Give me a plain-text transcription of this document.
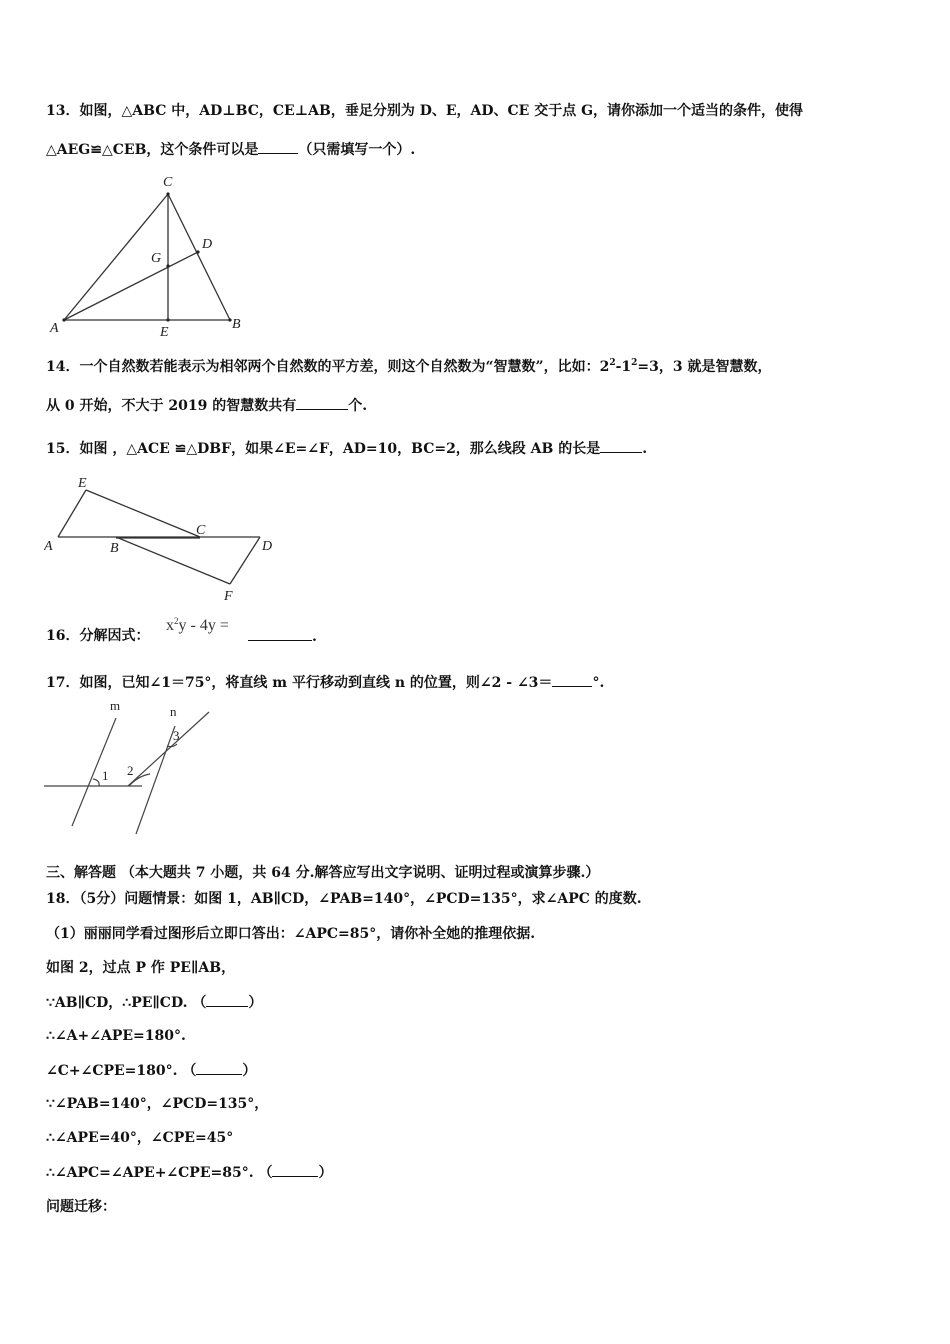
13．如图，△ABC 中，AD⊥BC，CE⊥AB，垂足分别为 D、E，AD、CE 交于点 G，请你添加一个适当的条件，使得
△AEG≌△CEB，这个条件可以是	（只需填写一个）.
C
D
G
A	E
B
14．一个自然数若能表示为相邻两个自然数的平方差，则这个自然数为“智慧数”，比如：$2^2-1^2=3$，3 就是智慧数，
从 0 开始，不大于 2019 的智慧数共有	个.
15．如图 ，△ACE ≌△DBF，如果∠E=∠F，AD=10，BC=2，那么线段 AB 的长是	.
E
A	B
C
D
F
16．分解因式：
$x^2y - 4y$ =
.
17．如图，已知∠1＝75°，将直线 m 平行移动到直线 n 的位置，则∠2 - ∠3＝	°.
m	n
1 2
3
三、解答题 （本大题共 7 小题，共 64 分.解答应写出文字说明、证明过程或演算步骤.）
18．（5分）问题情景：如图 1，AB∥CD，∠PAB=140°，∠PCD=135°，求∠APC 的度数.
（1）丽丽同学看过图形后立即口答出：∠APC=85°，请你补全她的推理依据.
如图 2，过点 P 作 PE∥AB，
∵AB∥CD，∴PE∥CD. （	）
∴∠A+∠APE=180°.
∠C+∠CPE=180°. （	）
∵∠PAB=140°，∠PCD=135°，
∴∠APE=40°，∠CPE=45°
∴∠APC=∠APE+∠CPE=85°. （	）
问题迁移：
